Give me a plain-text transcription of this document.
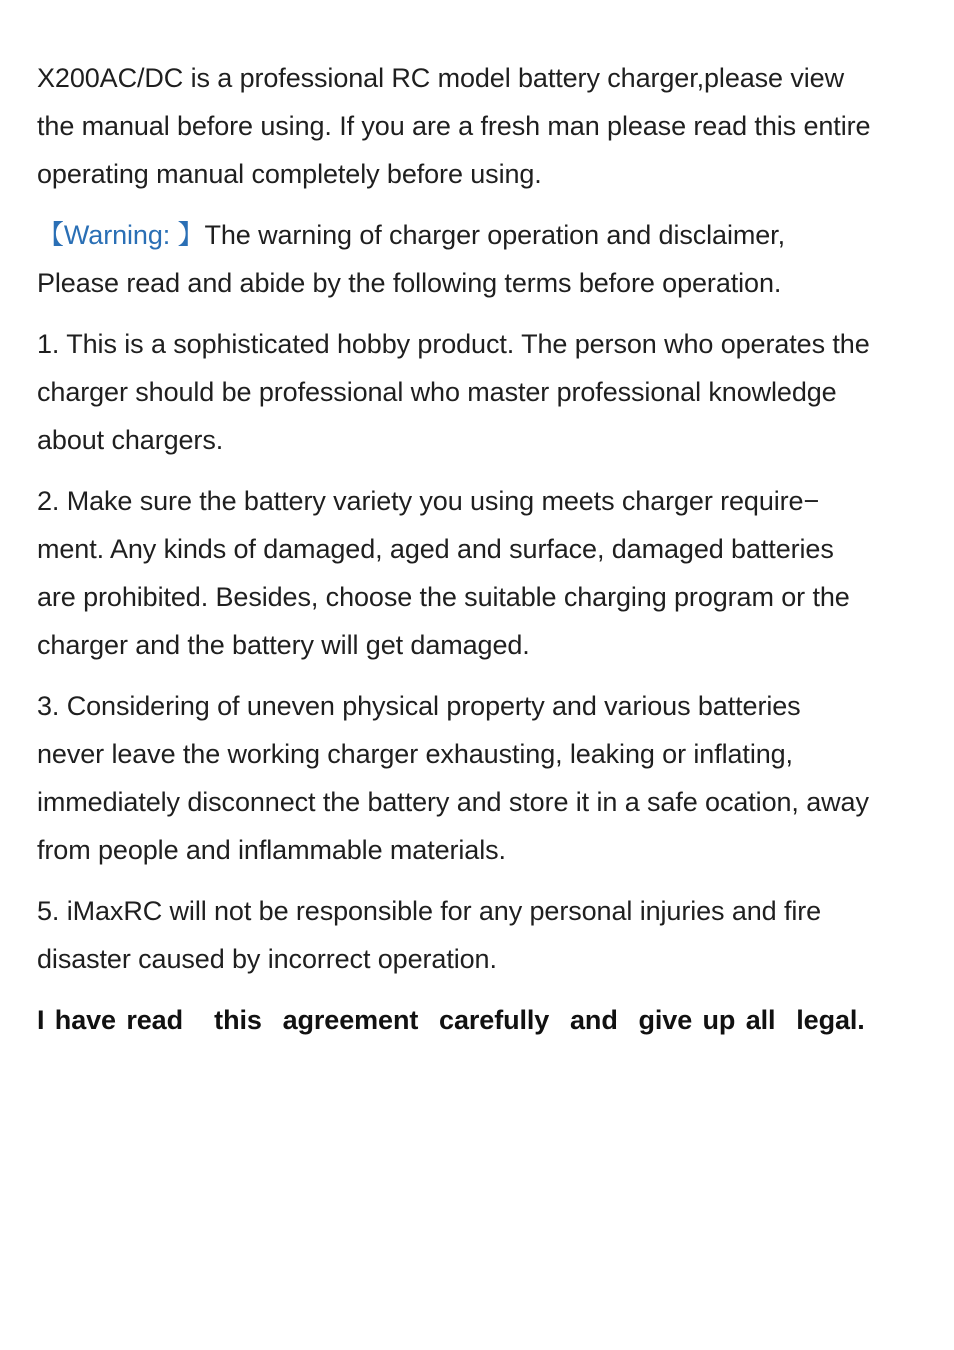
X200AC/DC is a professional RC model battery charger,please view
the manual before using. If you are a fresh man please read this entire
operating manual completely before using.
【Warning: 】The warning of charger operation and disclaimer,
Please read and abide by the following terms before operation.
1. This is a sophisticated hobby product. The person who operates the
charger should be professional who master professional knowledge
about chargers.
2. Make sure the battery variety you using meets charger require−
ment. Any kinds of damaged, aged and surface, damaged batteries
are prohibited. Besides, choose the suitable charging program or the
charger and the battery will get damaged.
3. Considering of uneven physical property and various batteries
never leave the working charger exhausting, leaking or inflating,
immediately disconnect the battery and store it in a safe ocation, away
from people and inflammable materials.
5. iMaxRC will not be responsible for any personal injuries and fire
disaster caused by incorrect operation.
I have read   this  agreement  carefully  and  give up all  legal.
